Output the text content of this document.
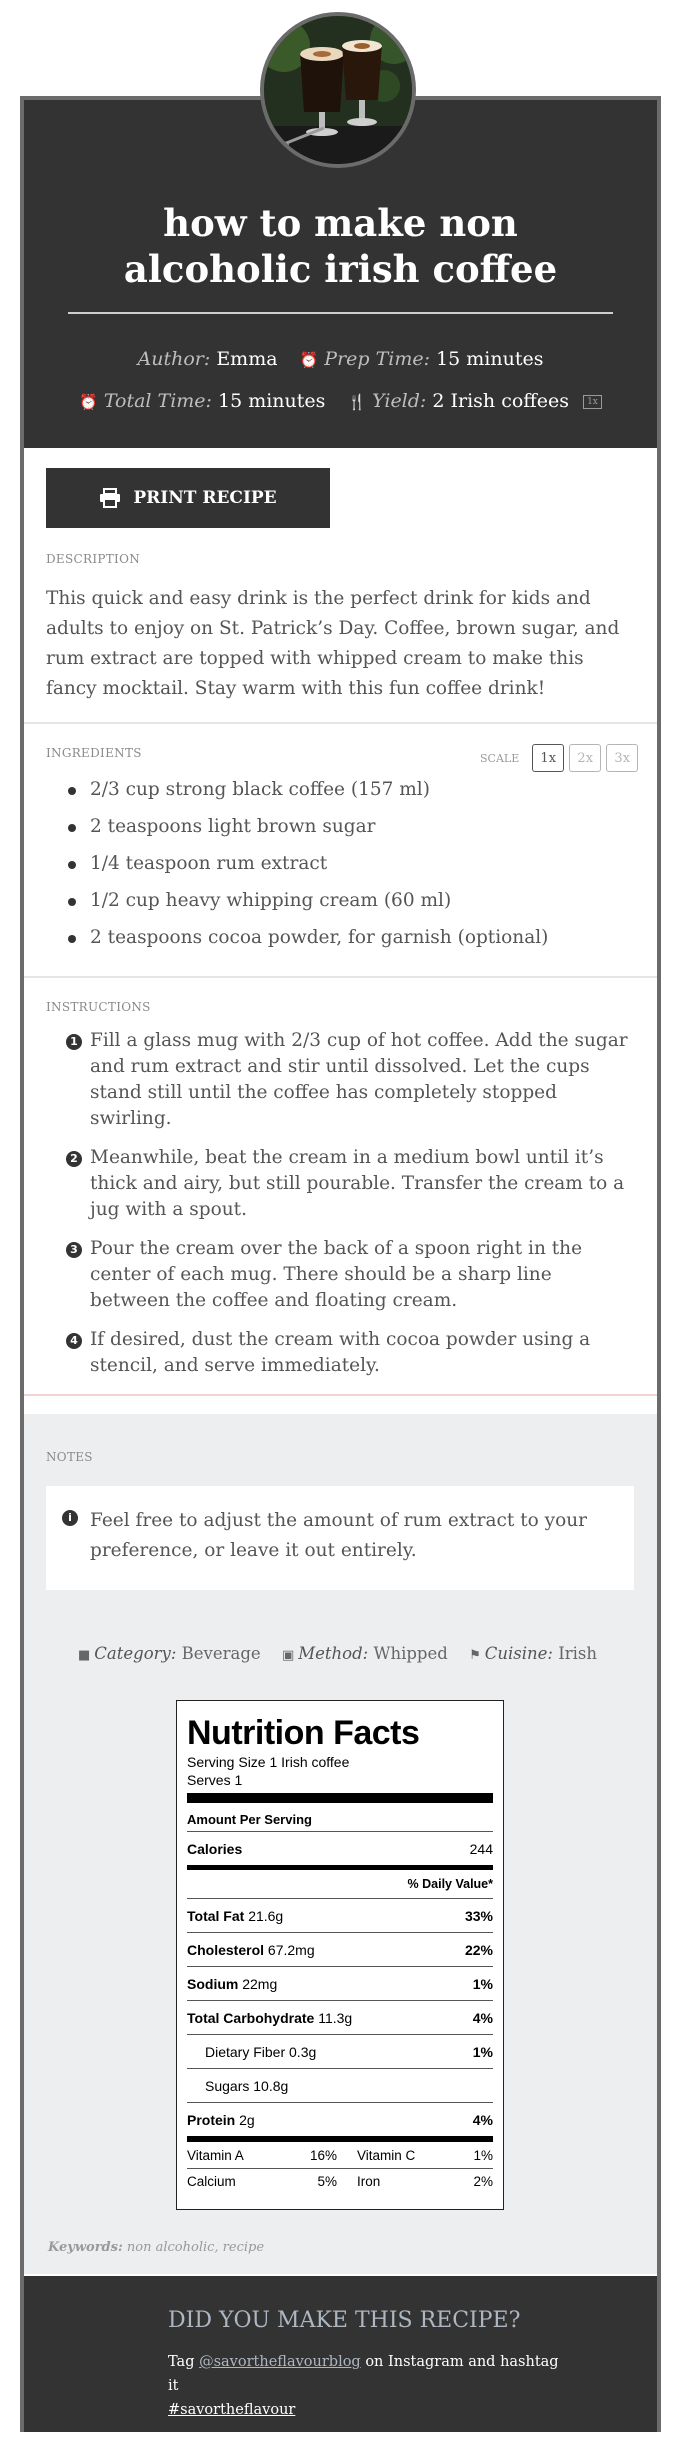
how to make non alcoholic irish coffee
Author: Emma ⏰ Prep Time: 15 minutes
⏰ Total Time: 15 minutes 🍴 Yield: 2 Irish coffees 1x
PRINT RECIPE
DESCRIPTION

This quick and easy drink is the perfect drink for kids and adults to enjoy on St. Patrick’s Day. Coffee, brown sugar, and rum extract are topped with whipped cream to make this fancy mocktail. Stay warm with this fun coffee drink!

INGREDIENTS	SCALE	1x	2x	3x
2/3 cup strong black coffee (157 ml)
2 teaspoons light brown sugar
1/4 teaspoon rum extract
1/2 cup heavy whipping cream (60 ml)
2 teaspoons cocoa powder, for garnish (optional)
INSTRUCTIONS
1 Fill a glass mug with 2/3 cup of hot coffee. Add the sugar and rum extract and stir until dissolved. Let the cups stand still until the coffee has completely stopped swirling.
2 Meanwhile, beat the cream in a medium bowl until it’s thick and airy, but still pourable. Transfer the cream to a jug with a spout.
3 Pour the cream over the back of a spoon right in the center of each mug. There should be a sharp line between the coffee and floating cream.
4 If desired, dust the cream with cocoa powder using a stencil, and serve immediately.
NOTES
i Feel free to adjust the amount of rum extract to your preference, or leave it out entirely.
■ Category: Beverage ▣ Method: Whipped ⚑ Cuisine: Irish
Nutrition Facts
Serving Size 1 Irish coffee
Serves 1
Amount Per Serving
Calories	244
% Daily Value*
Total Fat 21.6g	33%
Cholesterol 67.2mg	22%
Sodium 22mg	1%
Total Carbohydrate 11.3g	4%
Dietary Fiber 0.3g	1%
Sugars 10.8g
Protein 2g	4%
Vitamin A	16% Vitamin C	1%
Calcium	5% Iron	2%
Keywords: non alcoholic, recipe
DID YOU MAKE THIS RECIPE?
Tag @savortheflavourblog on Instagram and hashtag it
#savortheflavour
